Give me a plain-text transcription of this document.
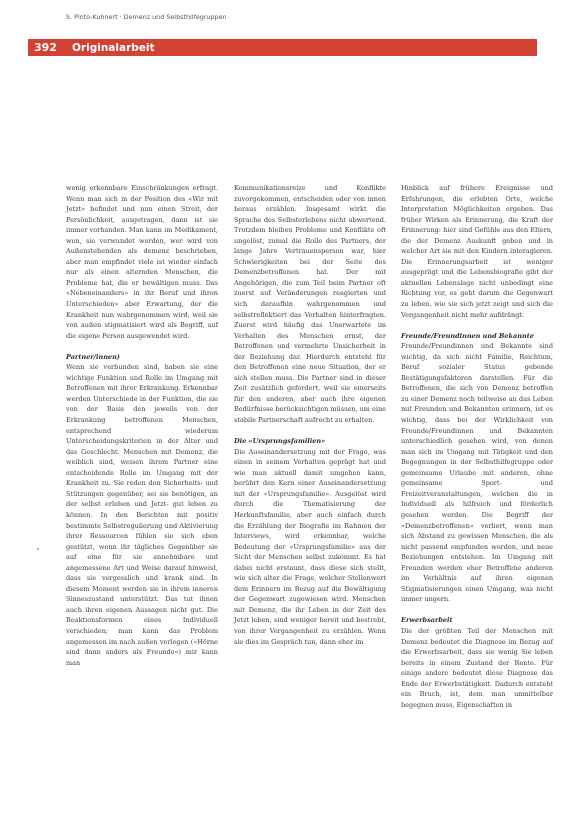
S. Pinto-Kuhnert · Demenz und Selbsthilfegruppen
392	Originalarbeit

wenig erkennbare Einschränkungen erfragt. Wenn man sich in der Position des «Wir mit Jetzt» befindet und nun einen Streit, der Persönlichkeit, ausgetragen, dann ist sie immer vorhanden. Man kann im Medikament, wen, sie verwundet werden, wer wird von Außenstehenden als demenz beschrieben, aber man empfindet viele ist wieder einfach nur als einen alternden Menschen, die Probleme hat, die er bewältigen muss. Das «Nebeneinanders» in ihr Beruf und ihren Unterschieden» aber Erwartung, der die Krankheit nun wahrgenommen wird, weil sie von außen stigmatisiert wird als Begriff, auf die eigene Person ausgewendet wird.

Partner/innen)

Wenn sie verbunden sind, haben sie eine wichtige Funktion und Rolle im Umgang mit Betroffenen mit ihrer Erkrankung. Erkennbar werden Unterschiede in der Funktion, die sie von der Basis den jeweils von der Erkrankung betroffenen Menschen, entsprechend wiederum Unterscheidungskriterien in der Alter und das Geschlecht. Menschen mit Demenz, die weiblich sind, weisen ihrem Partner eine entscheidende Rolle im Umgang mit der Krankheit zu. Sie reden den Sicherheits- und Stützungen gegenüber, sei sie benötigen, an der selbst erleben und Jetzt- gut leben zu können. In den Berichten mit positiv bestimmte Selbstregulierung und Aktivierung ihrer Ressourcen fühlen sie sich eben gestützt, wenn ihr tägliches Gegenüber sie auf eine für sie annehmbare und angemessene Art und Weise darauf hinweist, dass sie vergesslich und krank sind. In diesem Moment werden sie in ihrem inneren Sinneszustand unterstützt. Das tut ihnen auch ihren eigenen Aussagen nicht gut. Die Reaktionsformen eines Individuell verschieden; man kann das Problem angemessen im nach außen verlegen (»Hörne sind dann anders als Freunde«) mir kann man

Kommunikationsreize und Konflikte zuvorgekommen, entscheiden oder von innen heraus erzählen. Insgesamt wirkt die Sprache des Selbsterlebens nicht abwertend. Trotzdem bleiben Probleme und Konflikte oft ungelöst, zumal die Rolle des Partners, der lange Jahre Vertrauensperson war, hier Schwierigkeiten bei der Seite des Demenzbetroffenen hat. Der mit Angehörigen, die zum Teil beim Partner oft zuerst auf Veränderungen reagierten und sich daraufhin wahrgenommen und selbstreflektiert das Verhalten hinterfragten. Zuerst wird häufig das Unerwartete im Verhalten des Menschen ernst, der Betroffenen und vermehrte Unsicherheit in der Beziehung dar. Hierdurch entsteht für den Betroffenen eine neue Situation, der er sich stellen muss. Die Partner sind in dieser Zeit zusätzlich gefordert, weil sie einerseits für den anderen, aber auch ihre eigenen Bedürfnisse berücksichtigen müssen, um eine stabile Partnerschaft aufrecht zu erhalten.

Die «Ursprungsfamilien»

Die Auseinandersetzung mit der Frage, was einen in seinem Verhalten geprägt hat und wie man aktuell damit umgehen kann, berührt den Kern einer Auseinandersetzung mit der «Ursprungsfamilie». Ausgelöst wird durch die Thematisierung der Herkunftsfamilie, aber auch einfach durch die Erzählung der Biografie im Rahmen der Interviews, wird erkennbar, welche Bedeutung der «Ursprungsfamilie» aus der Sicht der Menschen selbst zukommt. Es hat dabei nicht erstaunt, dass diese sich stellt, wie sich alter die Frage, welcher Stellenwert dem Erinnern im Bezug auf die Bewältigung der Gegenwart zugewiesen wird. Menschen mit Demenz, die ihr Leben in der Zeit des Jetzt leben, sind weniger bereit und bestrebt, von ihrer Vergangenheit zu erzählen. Wenn sie dies im Gespräch tun, dann eher im

Hinblick auf frühere Ereignisse und Erfahrungen, die erlebten Orte, welche Interpretation Möglichkeiten ergeben. Das früher Wirken als Erinnerung, die Kraft der Erinnerung: hier sind Gefühle aus den Eltern, die der Demenz Auskunft geben und in welcher Art sie mit den Kindern interagieren. Die Erinnerungsarbeit ist weniger ausgeprägt und die Lebensbiografie gibt der aktuellen Lebenslage nicht unbedingt eine Richtung vor, es geht darum die Gegenwart zu leben, wie sie sich jetzt zeigt und sich die Vergangenheit nicht mehr aufdrängt.

Freunde/Freundinnen und Bekannte

Freunde/Freundinnen und Bekannte sind wichtig, da sich nicht Familie, Reichtum, Beruf sozialer Status gebende Bestätigungsfaktoren darstellen. Für die Betroffenen, die sich von Demenz betroffen zu einer Demenz noch teilweise an das Leben mit Freunden und Bekannten erinnern, ist es wichtig, dass bei der Wirklichkeit von Freunde/Freundinnen und Bekannten unterschiedlich gesehen wird, von denen man sich im Umgang mit Tätigkeit und den Begegnungen in der Selbsthilfegruppe oder gemeinsame Urlaube mit anderen, ohne gemeinsame Sport- und Freizeitveranstaltungen, welchen die in Individuell als hilfreich und förderlich gesehen werden. Die Begriff der »Demenzbetroffenen« verliert, wenn man sich Abstand zu gewissen Menschen, die als nicht passend empfunden werden, und neue Beziehungen entstehen. Im Umgang mit Freunden werden eher Betroffene anderen im Verhältnis auf ihren eigenen Stigmatisierungen einen Umgang, was nicht immer ungern.

Erwerbsarbeit

Die der größten Teil der Menschen mit Demenz bedeutet die Diagnose im Bezug auf die Erwerbsarbeit, dass sie wenig Sie leben bereits in einem Zustand der Rente. Für einige andere bedeutet diese Diagnose das Ende der Erwerbstätigkeit. Dadurch entsteht ein Bruch, ist, dem man unmittelbar begegnen muss, Eigenschaften in
